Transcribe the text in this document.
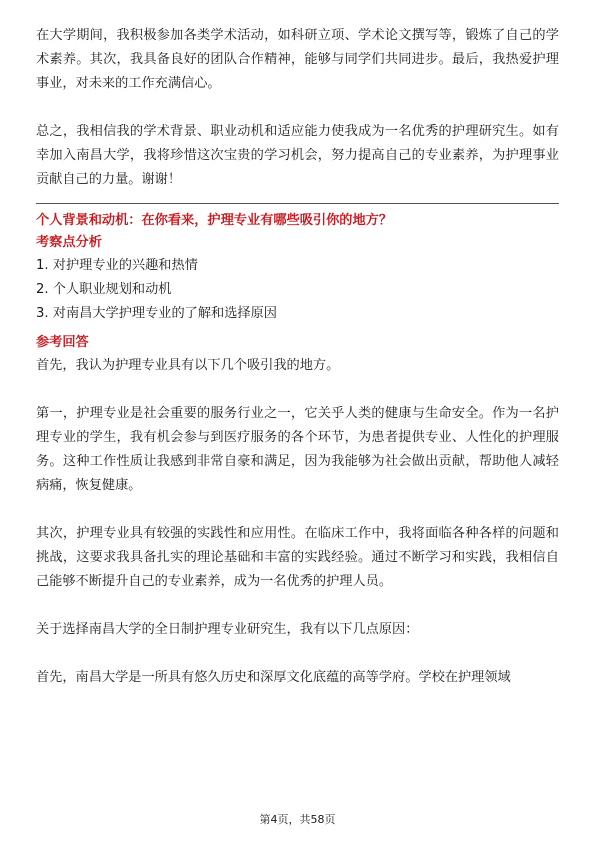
在大学期间，我积极参加各类学术活动，如科研立项、学术论文撰写等，锻炼了自己的学术素养。其次，我具备良好的团队合作精神，能够与同学们共同进步。最后，我热爱护理事业，对未来的工作充满信心。

总之，我相信我的学术背景、职业动机和适应能力使我成为一名优秀的护理研究生。如有幸加入南昌大学，我将珍惜这次宝贵的学习机会，努力提高自己的专业素养，为护理事业贡献自己的力量。谢谢！

个人背景和动机：在你看来，护理专业有哪些吸引你的地方？
考察点分析
1. 对护理专业的兴趣和热情
2. 个人职业规划和动机
3. 对南昌大学护理专业的了解和选择原因
参考回答

首先，我认为护理专业具有以下几个吸引我的地方。

第一，护理专业是社会重要的服务行业之一，它关乎人类的健康与生命安全。作为一名护理专业的学生，我有机会参与到医疗服务的各个环节，为患者提供专业、人性化的护理服务。这种工作性质让我感到非常自豪和满足，因为我能够为社会做出贡献，帮助他人减轻病痛，恢复健康。

其次，护理专业具有较强的实践性和应用性。在临床工作中，我将面临各种各样的问题和挑战，这要求我具备扎实的理论基础和丰富的实践经验。通过不断学习和实践，我相信自己能够不断提升自己的专业素养，成为一名优秀的护理人员。

关于选择南昌大学的全日制护理专业研究生，我有以下几点原因：

首先，南昌大学是一所具有悠久历史和深厚文化底蕴的高等学府。学校在护理领域

第4页，共58页
